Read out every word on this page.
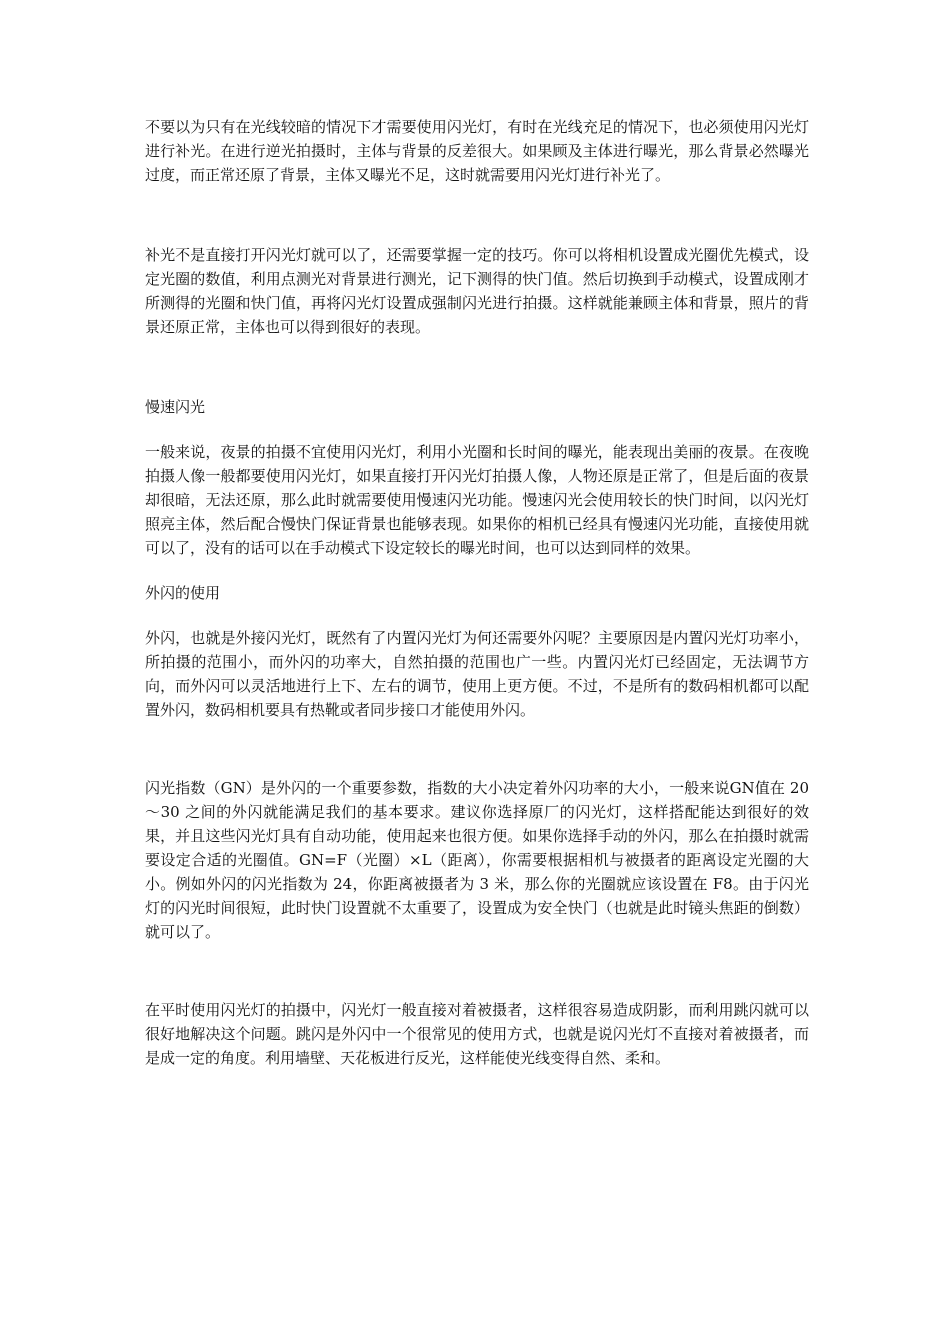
不要以为只有在光线较暗的情况下才需要使用闪光灯，有时在光线充足的情况下，也必须使用闪光灯进行补光。在进行逆光拍摄时，主体与背景的反差很大。如果顾及主体进行曝光，那么背景必然曝光过度，而正常还原了背景，主体又曝光不足，这时就需要用闪光灯进行补光了。

补光不是直接打开闪光灯就可以了，还需要掌握一定的技巧。你可以将相机设置成光圈优先模式，设定光圈的数值，利用点测光对背景进行测光，记下测得的快门值。然后切换到手动模式，设置成刚才所测得的光圈和快门值，再将闪光灯设置成强制闪光进行拍摄。这样就能兼顾主体和背景，照片的背景还原正常，主体也可以得到很好的表现。

慢速闪光

一般来说，夜景的拍摄不宜使用闪光灯，利用小光圈和长时间的曝光，能表现出美丽的夜景。在夜晚拍摄人像一般都要使用闪光灯，如果直接打开闪光灯拍摄人像，人物还原是正常了，但是后面的夜景却很暗，无法还原，那么此时就需要使用慢速闪光功能。慢速闪光会使用较长的快门时间，以闪光灯照亮主体，然后配合慢快门保证背景也能够表现。如果你的相机已经具有慢速闪光功能，直接使用就可以了，没有的话可以在手动模式下设定较长的曝光时间，也可以达到同样的效果。

外闪的使用

外闪，也就是外接闪光灯，既然有了内置闪光灯为何还需要外闪呢？主要原因是内置闪光灯功率小，所拍摄的范围小，而外闪的功率大，自然拍摄的范围也广一些。内置闪光灯已经固定，无法调节方向，而外闪可以灵活地进行上下、左右的调节，使用上更方便。不过，不是所有的数码相机都可以配置外闪，数码相机要具有热靴或者同步接口才能使用外闪。

闪光指数（GN）是外闪的一个重要参数，指数的大小决定着外闪功率的大小，一般来说GN值在 20～30 之间的外闪就能满足我们的基本要求。建议你选择原厂的闪光灯，这样搭配能达到很好的效果，并且这些闪光灯具有自动功能，使用起来也很方便。如果你选择手动的外闪，那么在拍摄时就需要设定合适的光圈值。GN=F（光圈）×L（距离），你需要根据相机与被摄者的距离设定光圈的大小。例如外闪的闪光指数为 24，你距离被摄者为 3 米，那么你的光圈就应该设置在 F8。由于闪光灯的闪光时间很短，此时快门设置就不太重要了，设置成为安全快门（也就是此时镜头焦距的倒数）就可以了。

在平时使用闪光灯的拍摄中，闪光灯一般直接对着被摄者，这样很容易造成阴影，而利用跳闪就可以很好地解决这个问题。跳闪是外闪中一个很常见的使用方式，也就是说闪光灯不直接对着被摄者，而是成一定的角度。利用墙壁、天花板进行反光，这样能使光线变得自然、柔和。
